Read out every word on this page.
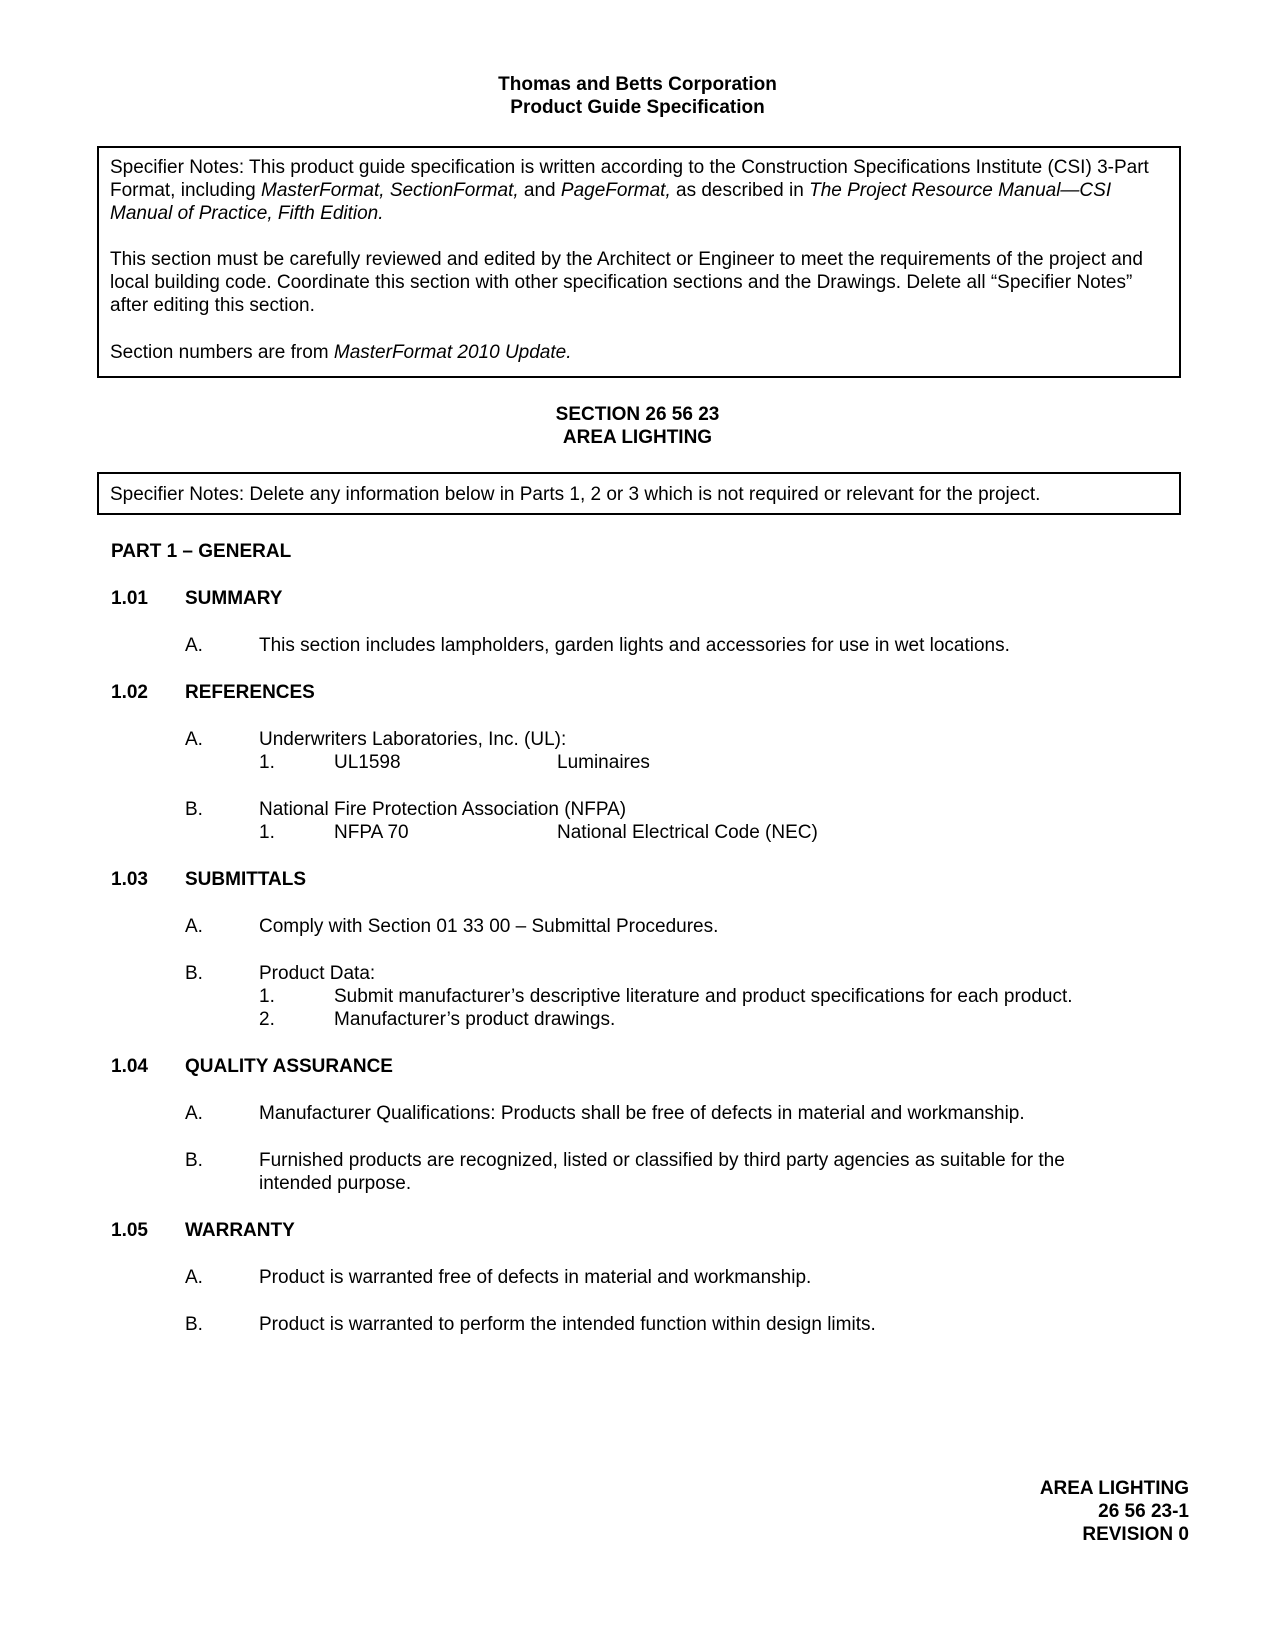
Thomas and Betts Corporation
Product Guide Specification

Specifier Notes: This product guide specification is written according to the Construction Specifications Institute (CSI) 3-Part Format, including MasterFormat, SectionFormat, and PageFormat, as described in The Project Resource Manual—CSI Manual of Practice, Fifth Edition.

This section must be carefully reviewed and edited by the Architect or Engineer to meet the requirements of the project and local building code. Coordinate this section with other specification sections and the Drawings. Delete all “Specifier Notes” after editing this section.

Section numbers are from MasterFormat 2010 Update.

SECTION 26 56 23
AREA LIGHTING

Specifier Notes: Delete any information below in Parts 1, 2 or 3 which is not required or relevant for the project.

PART 1 – GENERAL
1.01 SUMMARY
A.	This section includes lampholders, garden lights and accessories for use in wet locations.
1.02 REFERENCES
A.	Underwriters Laboratories, Inc. (UL):
1.	UL1598	Luminaires
B.	National Fire Protection Association (NFPA)
1.	NFPA 70	National Electrical Code (NEC)
1.03 SUBMITTALS
A.	Comply with Section 01 33 00 – Submittal Procedures.
B.	Product Data:
1.	Submit manufacturer’s descriptive literature and product specifications for each product.
2.	Manufacturer’s product drawings.
1.04 QUALITY ASSURANCE
A.	Manufacturer Qualifications: Products shall be free of defects in material and workmanship.
B.	Furnished products are recognized, listed or classified by third party agencies as suitable for the
intended purpose.
1.05 WARRANTY
A.	Product is warranted free of defects in material and workmanship.
B.	Product is warranted to perform the intended function within design limits.
AREA LIGHTING
26 56 23-1
REVISION 0
